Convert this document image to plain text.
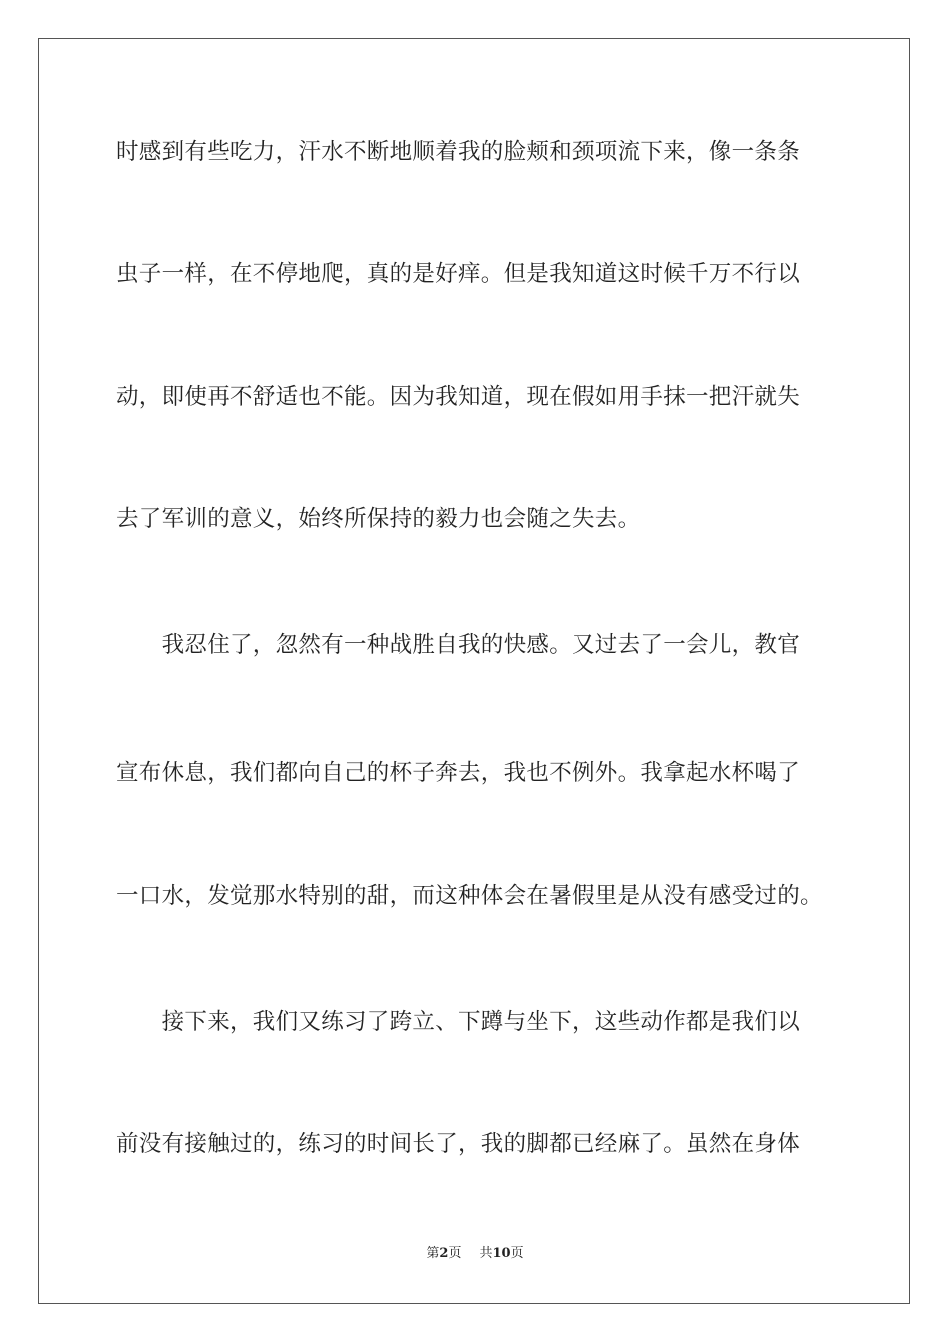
时感到有些吃力，汗水不断地顺着我的脸颊和颈项流下来，像一条条
虫子一样，在不停地爬，真的是好痒。但是我知道这时候千万不行以
动，即使再不舒适也不能。因为我知道，现在假如用手抹一把汗就失
去了军训的意义，始终所保持的毅力也会随之失去。
　　我忍住了，忽然有一种战胜自我的快感。又过去了一会儿，教官
宣布休息，我们都向自己的杯子奔去，我也不例外。我拿起水杯喝了
一口水，发觉那水特别的甜，而这种体会在暑假里是从没有感受过的。
　　接下来，我们又练习了跨立、下蹲与坐下，这些动作都是我们以
前没有接触过的，练习的时间长了，我的脚都已经麻了。虽然在身体
第2页 共10页
